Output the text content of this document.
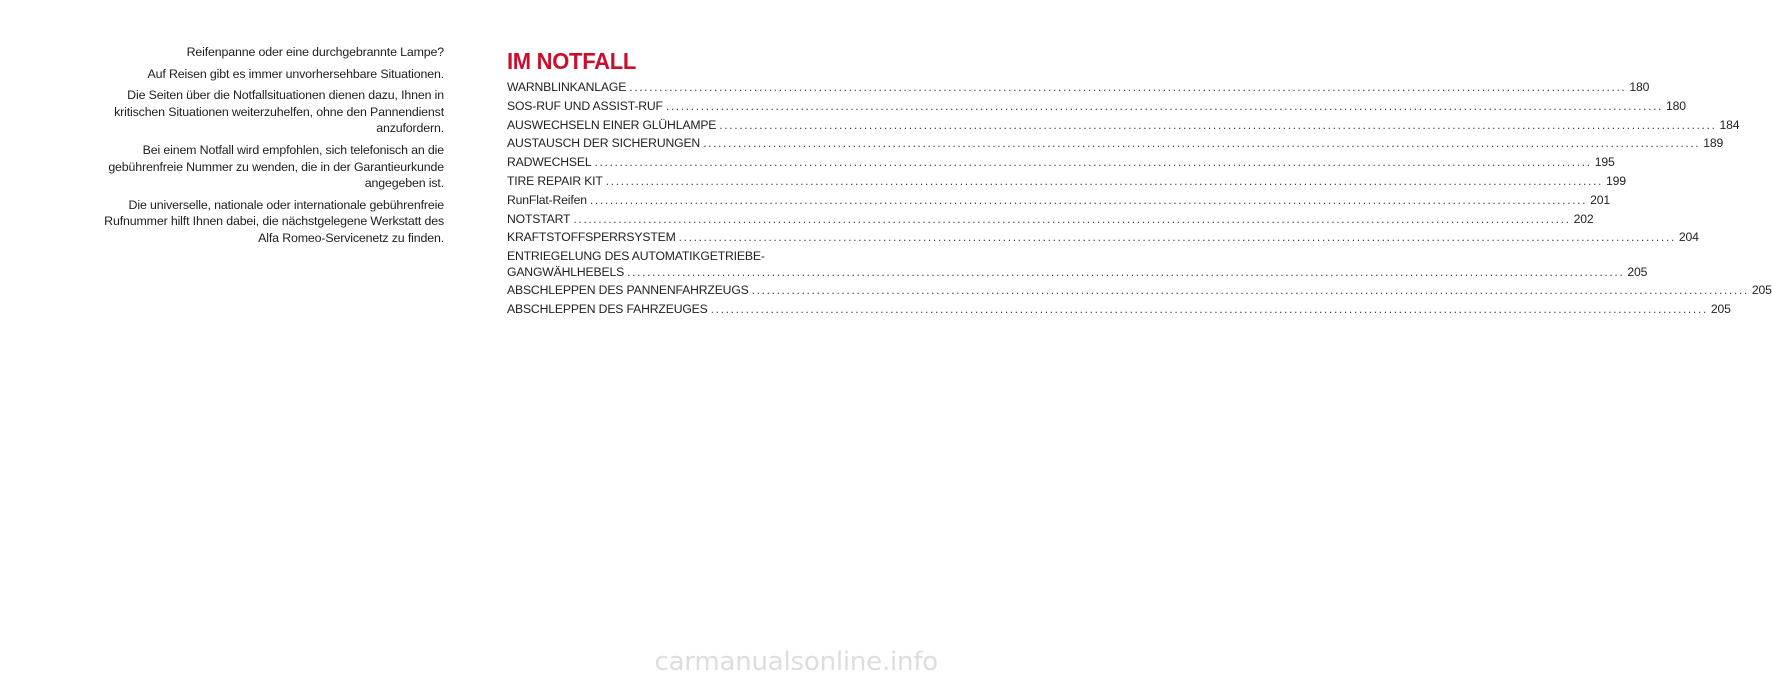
Reifenpanne oder eine durchgebrannte Lampe?

Auf Reisen gibt es immer unvorhersehbare Situationen.

Die Seiten über die Notfallsituationen dienen dazu, Ihnen in kritischen Situationen weiterzuhelfen, ohne den Pannendienst anzufordern.

Bei einem Notfall wird empfohlen, sich telefonisch an die gebührenfreie Nummer zu wenden, die in der Garantieurkunde angegeben ist.

Die universelle, nationale oder internationale gebührenfreie Rufnummer hilft Ihnen dabei, die nächstgelegene Werkstatt des Alfa Romeo-Servicenetz zu finden.

IM NOTFALL
WARNBLINKANLAGE ........................................................................................................................................................................................................ 180
SOS-RUF UND ASSIST-RUF ........................................................................................................................................................................................................ 180
AUSWECHSELN EINER GLÜHLAMPE ........................................................................................................................................................................................................ 184
AUSTAUSCH DER SICHERUNGEN ........................................................................................................................................................................................................ 189
RADWECHSEL ........................................................................................................................................................................................................ 195
TIRE REPAIR KIT ........................................................................................................................................................................................................ 199
RunFlat-Reifen ........................................................................................................................................................................................................ 201
NOTSTART ........................................................................................................................................................................................................ 202
KRAFTSTOFFSPERRSYSTEM ........................................................................................................................................................................................................ 204
ENTRIEGELUNG DES AUTOMATIKGETRIEBE-
GANGWÄHLHEBELS ........................................................................................................................................................................................................ 205
ABSCHLEPPEN DES PANNENFAHRZEUGS ........................................................................................................................................................................................................ 205
ABSCHLEPPEN DES FAHRZEUGES ........................................................................................................................................................................................................ 205
carmanualsonline.info
